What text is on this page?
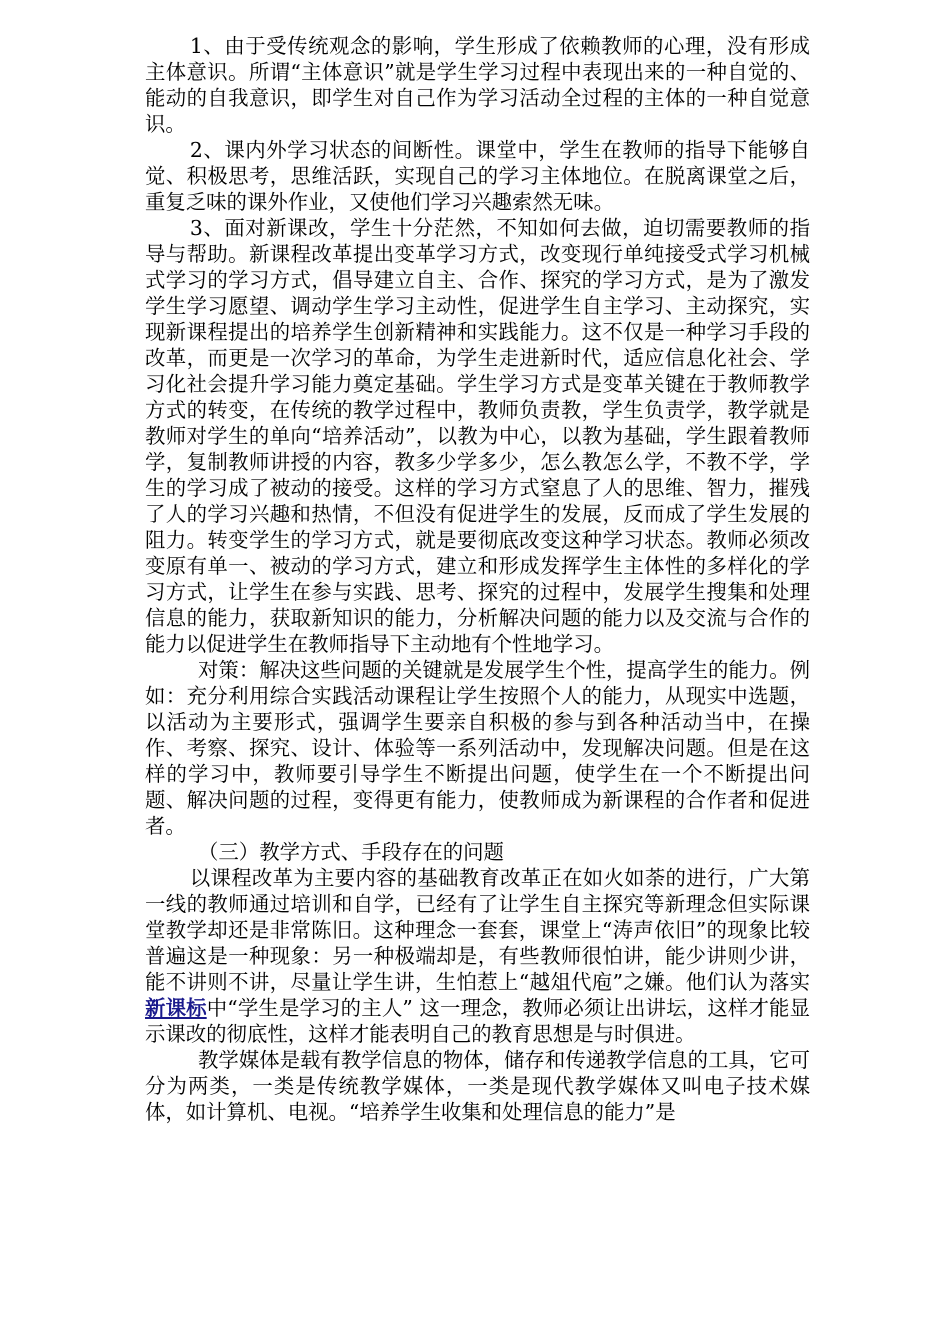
1、由于受传统观念的影响，学生形成了依赖教师的心理，没有形成主体意识。所谓“主体意识”就是学生学习过程中表现出来的一种自觉的、能动的自我意识，即学生对自己作为学习活动全过程的主体的一种自觉意识。

2、课内外学习状态的间断性。课堂中，学生在教师的指导下能够自觉、积极思考，思维活跃，实现自己的学习主体地位。在脱离课堂之后，重复乏味的课外作业，又使他们学习兴趣索然无味。

3、面对新课改，学生十分茫然，不知如何去做，迫切需要教师的指导与帮助。新课程改革提出变革学习方式，改变现行单纯接受式学习机械式学习的学习方式，倡导建立自主、合作、探究的学习方式，是为了激发学生学习愿望、调动学生学习主动性，促进学生自主学习、主动探究，实现新课程提出的培养学生创新精神和实践能力。这不仅是一种学习手段的改革，而更是一次学习的革命，为学生走进新时代，适应信息化社会、学习化社会提升学习能力奠定基础。学生学习方式是变革关键在于教师教学方式的转变，在传统的教学过程中，教师负责教，学生负责学，教学就是教师对学生的单向“培养活动”，以教为中心，以教为基础，学生跟着教师学，复制教师讲授的内容，教多少学多少，怎么教怎么学，不教不学，学生的学习成了被动的接受。这样的学习方式窒息了人的思维、智力，摧残了人的学习兴趣和热情，不但没有促进学生的发展，反而成了学生发展的阻力。转变学生的学习方式，就是要彻底改变这种学习状态。教师必须改变原有单一、被动的学习方式，建立和形成发挥学生主体性的多样化的学习方式，让学生在参与实践、思考、探究的过程中，发展学生搜集和处理信息的能力，获取新知识的能力，分析解决问题的能力以及交流与合作的能力以促进学生在教师指导下主动地有个性地学习。

对策：解决这些问题的关键就是发展学生个性，提高学生的能力。例如：充分利用综合实践活动课程让学生按照个人的能力，从现实中选题，以活动为主要形式，强调学生要亲自积极的参与到各种活动当中，在操作、考察、探究、设计、体验等一系列活动中，发现解决问题。但是在这样的学习中，教师要引导学生不断提出问题，使学生在一个不断提出问题、解决问题的过程，变得更有能力，使教师成为新课程的合作者和促进者。

（三）教学方式、手段存在的问题

以课程改革为主要内容的基础教育改革正在如火如荼的进行，广大第一线的教师通过培训和自学，已经有了让学生自主探究等新理念但实际课堂教学却还是非常陈旧。这种理念一套套，课堂上“涛声依旧”的现象比较普遍这是一种现象：另一种极端却是，有些教师很怕讲，能少讲则少讲，能不讲则不讲，尽量让学生讲，生怕惹上“越俎代庖”之嫌。他们认为落实新课标中“学生是学习的主人” 这一理念，教师必须让出讲坛，这样才能显示课改的彻底性，这样才能表明自己的教育思想是与时俱进。

教学媒体是载有教学信息的物体，储存和传递教学信息的工具，它可分为两类，一类是传统教学媒体，一类是现代教学媒体又叫电子技术媒体，如计算机、电视。“培养学生收集和处理信息的能力”是
